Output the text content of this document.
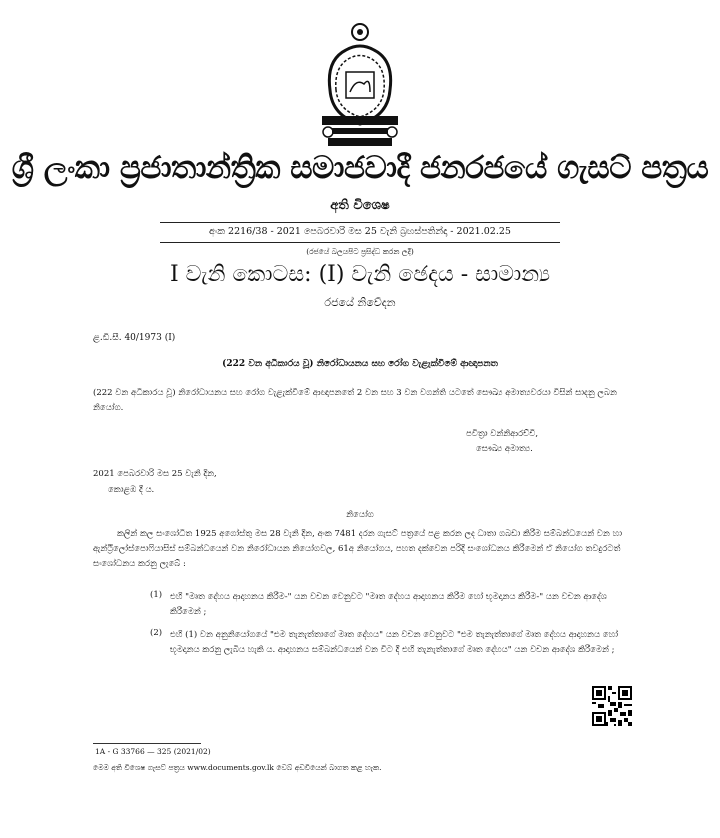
ශ්‍රී ලංකා ප්‍රජාතාන්ත්‍රික සමාජවාදී ජනරජයේ ගැසට් පත්‍රය
අති විශෙෂ
අංක 2216/38 - 2021 පෙබරවාරි මස 25 වැනි බ්‍රහස්පතින්දා - 2021.02.25
(රජයේ බලයපිට ප්‍රසිද්ධ කරන ලදී)
I වැනි කොටස: (I) වැනි ඡෙදය - සාමාන්‍ය
රජයේ නිවේදන
ළ.ඩි.සී. 40/1973 (I)
(222 වන අධිකාරය වූ) නිරෝධායනය සහ රෝග වැළැක්වීමේ ආඥාපනත
(222 වන අධිකාරය වූ) නිරෝධායනය සහ රෝග වැළැක්වීමේ ආඥාපනතේ 2 වන සහ 3 වන වගන්ති යටතේ සෞඛ්‍ය අමාත්‍යවරයා විසින් සාදනු ලබන නියෝග.
පවිත්‍රා වන්නිආරච්චි,
සෞඛ්‍ය අමාත්‍ය.
2021 පෙබරවාරි මස 25 වැනි දින,
කොළඹ දී ය.
නියෝග
කලින් කල සංශෝධිත 1925 අගෝස්තු මස 28 වැනි දින, අංක 7481 දරන ගැසට් පත්‍රයේ පළ කරන ලද ධාතා ගබඩා කිරීම සම්බන්ධයෙන් වන හා ඇන්ථ්‍රිලෝස්පොෆියාසිස් සම්බන්ධයෙන් වන නිරෝධායන නියෝගවල, 61අ නියෝගය, පහත දක්වෙන පරිදි සංශෝධනය කිරීමෙන් ඒ නියෝග තවදුරටත් සංශෝධනය කරනු ලැබේ :
(1) එහි "මෘත දේහය ආදාහනය කිරීම-" යන වචන වෙනුවට "මෘත දේහය ආදාහනය කිරීම හෝ භූමදානය කිරීම-" යන වචන ආදේශ කිරීමෙන් ;
(2) එහි (1) වන අනුනියෝගයේ "එම තැනැත්තාගේ මෘත දේහය" යන වචන වෙනුවට "එම තැනැත්තාගේ මෘත දේහය ආදාහනය හෝ භූමදානය කරනු ලැබිය හැකි ය. ආදාහනය සම්බන්ධයෙන් වන විට දී එහි තැනැත්තාගේ මෘත දේහය" යන වචන ආදේශ කිරීමෙන් ;
1A - G 33766 — 325 (2021/02)
මෙම අති විශෙෂ ගැසට් පත්‍රය www.documents.gov.lk වෙබ් අඩවියෙන් බාගත කළ හැක.
